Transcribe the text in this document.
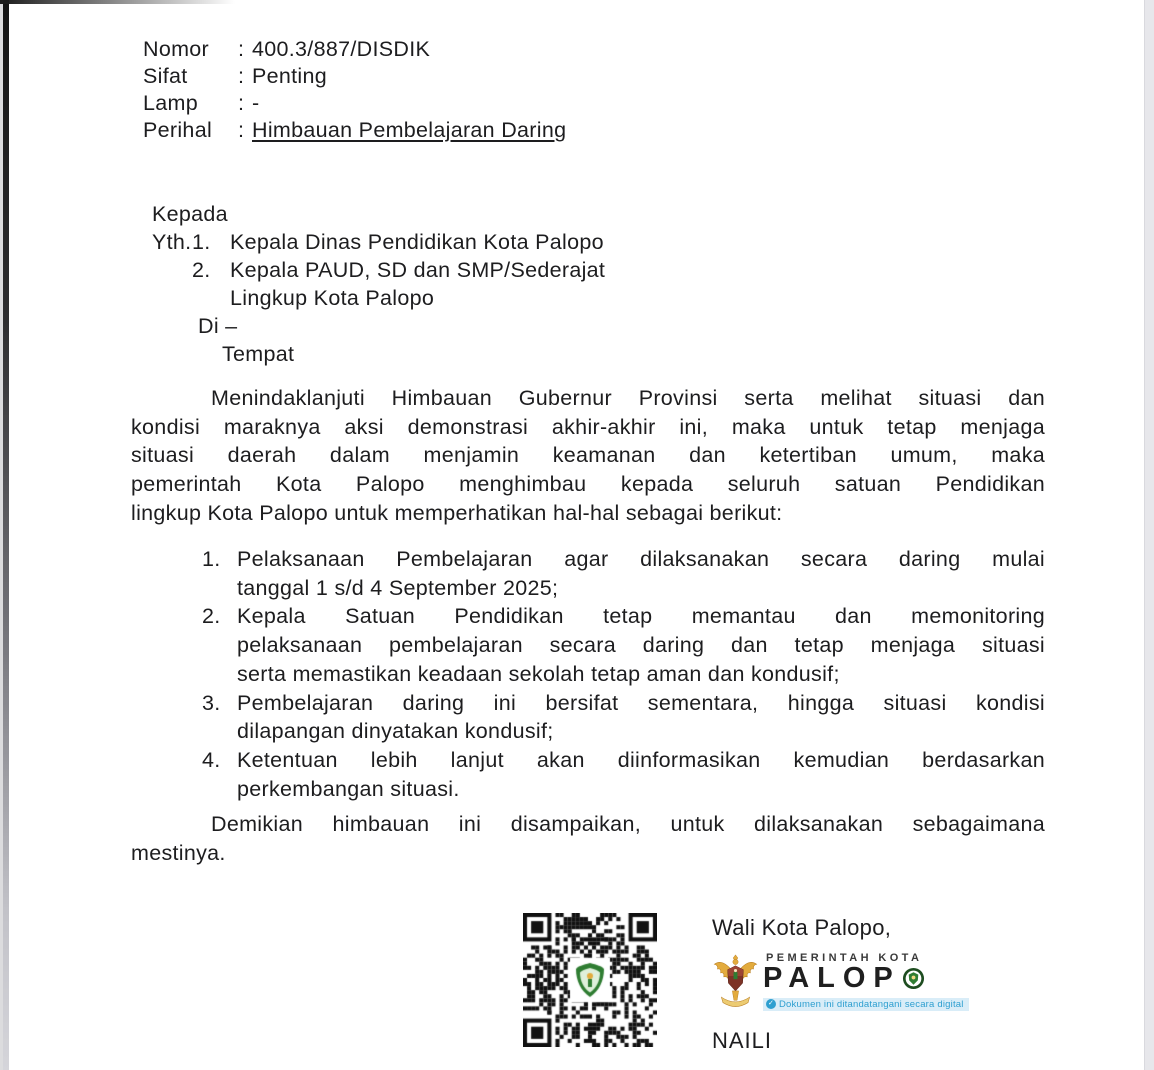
Nomor	: 400.3/887/DISDIK
Sifat	: Penting
Lamp	: -
Perihal	: Himbauan Pembelajaran Daring
Kepada
Yth. 1. Kepala Dinas Pendidikan Kota Palopo
2. Kepala PAUD, SD dan SMP/Sederajat
Lingkup Kota Palopo
Di –
Tempat
Menindaklanjuti Himbauan Gubernur Provinsi serta melihat situasi dan
kondisi maraknya aksi demonstrasi akhir-akhir ini, maka untuk tetap menjaga
situasi daerah dalam menjamin keamanan dan ketertiban umum, maka
pemerintah Kota Palopo menghimbau kepada seluruh satuan Pendidikan
lingkup Kota Palopo untuk memperhatikan hal-hal sebagai berikut:
1. Pelaksanaan Pembelajaran agar dilaksanakan secara daring mulai
tanggal 1 s/d 4 September 2025;
2. Kepala Satuan Pendidikan tetap memantau dan memonitoring
pelaksanaan pembelajaran secara daring dan tetap menjaga situasi
serta memastikan keadaan sekolah tetap aman dan kondusif;
3. Pembelajaran daring ini bersifat sementara, hingga situasi kondisi
dilapangan dinyatakan kondusif;
4. Ketentuan lebih lanjut akan diinformasikan kemudian berdasarkan
perkembangan situasi.
Demikian himbauan ini disampaikan, untuk dilaksanakan sebagaimana
mestinya.
Wali Kota Palopo,
PEMERINTAH KOTA
PALOP
✓ Dokumen ini ditandatangani secara digital
NAILI
